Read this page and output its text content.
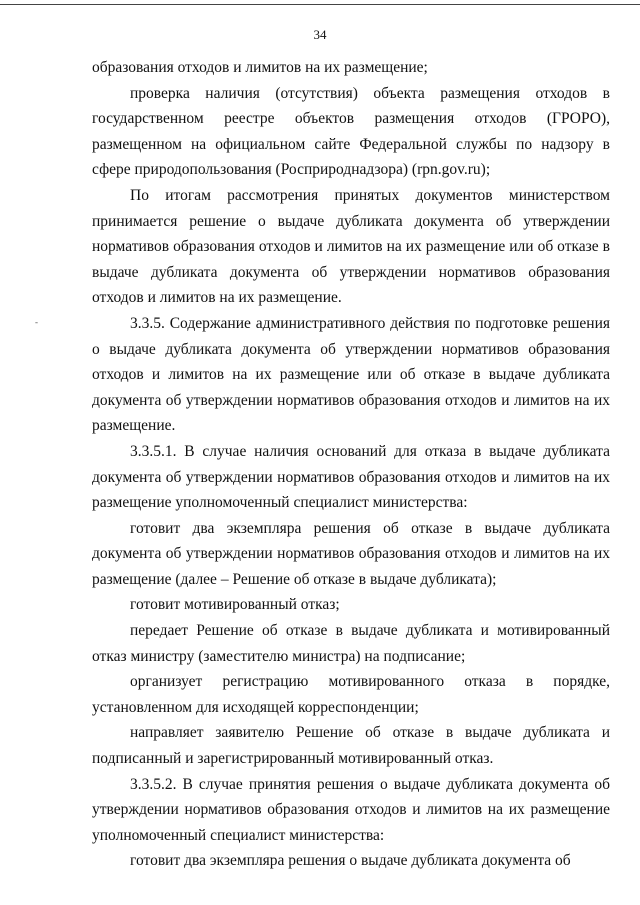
34
-

образования отходов и лимитов на их размещение;

проверка наличия (отсутствия) объекта размещения отходов в государственном реестре объектов размещения отходов (ГРОРО), размещенном на официальном сайте Федеральной службы по надзору в сфере природопользования (Росприроднадзора) (rpn.gov.ru);

По итогам рассмотрения принятых документов министерством принимается решение о выдаче дубликата документа об утверждении нормативов образования отходов и лимитов на их размещение или об отказе в выдаче дубликата документа об утверждении нормативов образования отходов и лимитов на их размещение.

3.3.5. Содержание административного действия по подготовке решения о выдаче дубликата документа об утверждении нормативов образования отходов и лимитов на их размещение или об отказе в выдаче дубликата документа об утверждении нормативов образования отходов и лимитов на их размещение.

3.3.5.1. В случае наличия оснований для отказа в выдаче дубликата документа об утверждении нормативов образования отходов и лимитов на их размещение уполномоченный специалист министерства:

готовит два экземпляра решения об отказе в выдаче дубликата документа об утверждении нормативов образования отходов и лимитов на их размещение (далее – Решение об отказе в выдаче дубликата);

готовит мотивированный отказ;

передает Решение об отказе в выдаче дубликата и мотивированный отказ министру (заместителю министра) на подписание;

организует регистрацию мотивированного отказа в порядке, установленном для исходящей корреспонденции;

направляет заявителю Решение об отказе в выдаче дубликата и подписанный и зарегистрированный мотивированный отказ.

3.3.5.2. В случае принятия решения о выдаче дубликата документа об утверждении нормативов образования отходов и лимитов на их размещение уполномоченный специалист министерства:

готовит два экземпляра решения о выдаче дубликата документа об
